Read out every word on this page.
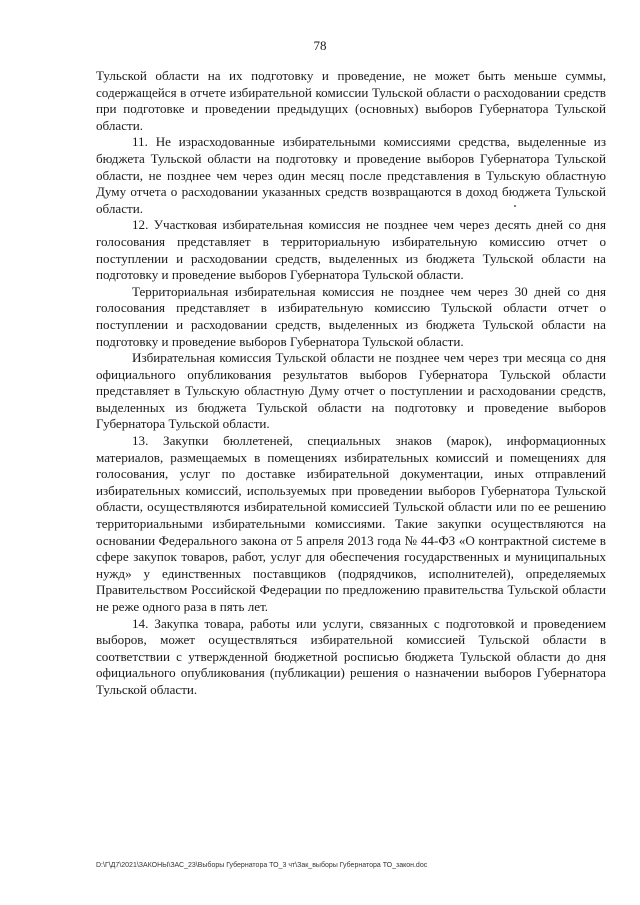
78

Тульской области на их подготовку и проведение, не может быть меньше суммы, содержащейся в отчете избирательной комиссии Тульской области о расходовании средств при подготовке и проведении предыдущих (основных) выборов Губернатора Тульской области.

11. Не израсходованные избирательными комиссиями средства, выделенные из бюджета Тульской области на подготовку и проведение выборов Губернатора Тульской области, не позднее чем через один месяц после представления в Тульскую областную Думу отчета о расходовании указанных средств возвращаются в доход бюджета Тульской области.

12. Участковая избирательная комиссия не позднее чем через десять дней со дня голосования представляет в территориальную избирательную комиссию отчет о поступлении и расходовании средств, выделенных из бюджета Тульской области на подготовку и проведение выборов Губернатора Тульской области.

Территориальная избирательная комиссия не позднее чем через 30 дней со дня голосования представляет в избирательную комиссию Тульской области отчет о поступлении и расходовании средств, выделенных из бюджета Тульской области на подготовку и проведение выборов Губернатора Тульской области.

Избирательная комиссия Тульской области не позднее чем через три месяца со дня официального опубликования результатов выборов Губернатора Тульской области представляет в Тульскую областную Думу отчет о поступлении и расходовании средств, выделенных из бюджета Тульской области на подготовку и проведение выборов Губернатора Тульской области.

13. Закупки бюллетеней, специальных знаков (марок), информационных материалов, размещаемых в помещениях избирательных комиссий и помещениях для голосования, услуг по доставке избирательной документации, иных отправлений избирательных комиссий, используемых при проведении выборов Губернатора Тульской области, осуществляются избирательной комиссией Тульской области или по ее решению территориальными избирательными комиссиями. Такие закупки осуществляются на основании Федерального закона от 5 апреля 2013 года № 44-ФЗ «О контрактной системе в сфере закупок товаров, работ, услуг для обеспечения государственных и муниципальных нужд» у единственных поставщиков (подрядчиков, исполнителей), определяемых Правительством Российской Федерации по предложению правительства Тульской области не реже одного раза в пять лет.

14. Закупка товара, работы или услуги, связанных с подготовкой и проведением выборов, может осуществляться избирательной комиссией Тульской области в соответствии с утвержденной бюджетной росписью бюджета Тульской области до дня официального опубликования (публикации) решения о назначении выборов Губернатора Тульской области.

D:\Г\Д7\2021\ЗАКОНЫ\ЗАС_23\Выборы Губернатора ТО_3 чт\Зак_выборы Губернатора ТО_закон.doc
